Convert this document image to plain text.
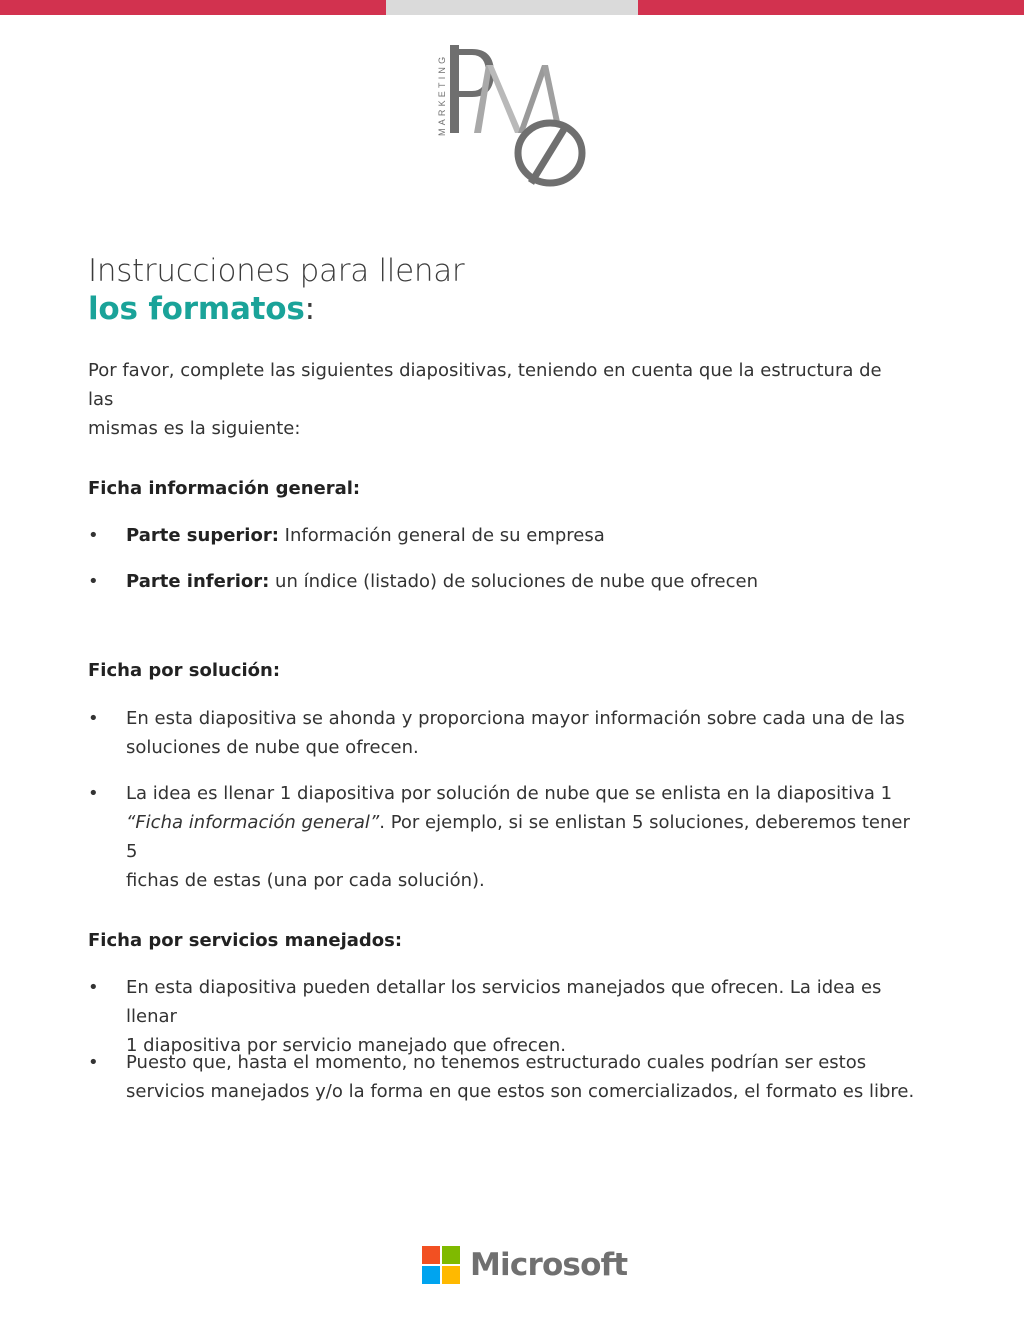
MARKETING
Instrucciones para llenar
los formatos:
Por favor, complete las siguientes diapositivas, teniendo en cuenta que la estructura de las
mismas es la siguiente:
Ficha información general:
• Parte superior: Información general de su empresa
• Parte inferior: un índice (listado) de soluciones de nube que ofrecen
Ficha por solución:
• En esta diapositiva se ahonda y proporciona mayor información sobre cada una de las
soluciones de nube que ofrecen.
• La idea es llenar 1 diapositiva por solución de nube que se enlista en la diapositiva 1
“Ficha información general”. Por ejemplo, si se enlistan 5 soluciones, deberemos tener 5
fichas de estas (una por cada solución).
Ficha por servicios manejados:
• En esta diapositiva pueden detallar los servicios manejados que ofrecen. La idea es llenar
1 diapositiva por servicio manejado que ofrecen.
• Puesto que, hasta el momento, no tenemos estructurado cuales podrían ser estos
servicios manejados y/o la forma en que estos son comercializados, el formato es libre.
Microsoft
